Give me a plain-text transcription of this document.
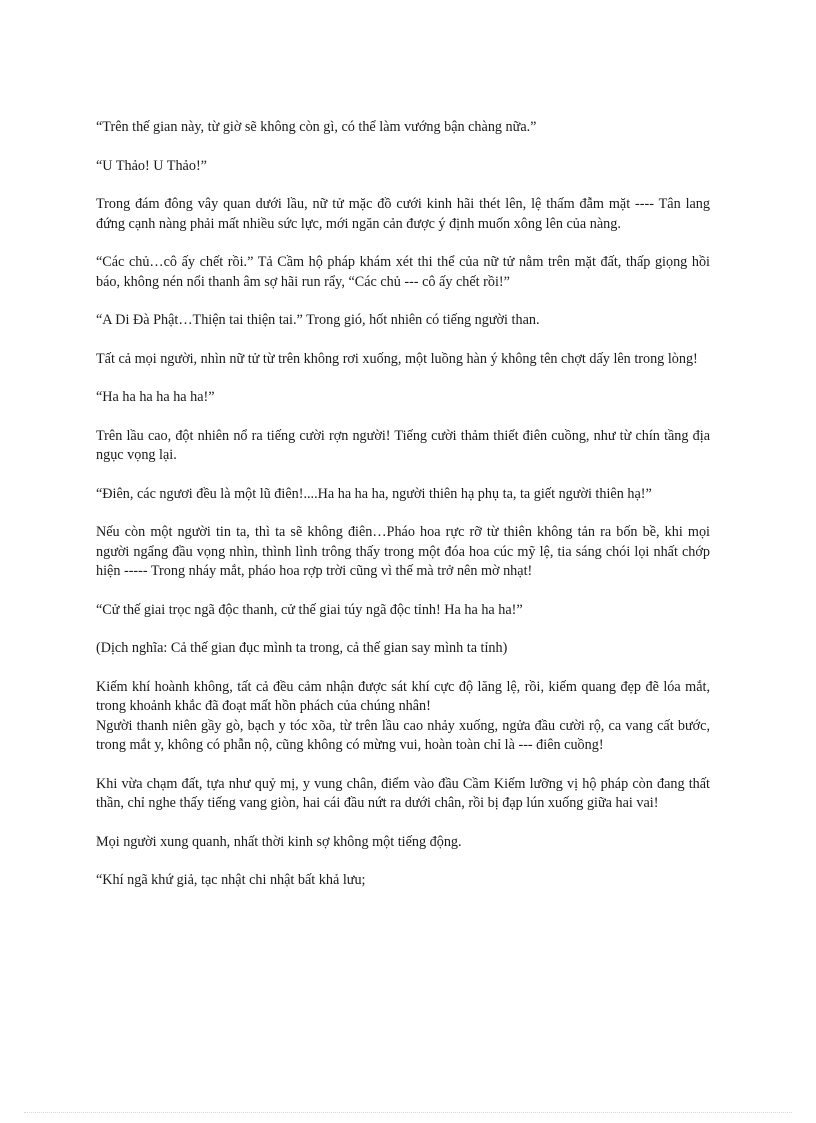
“Trên thế gian này, từ giờ sẽ không còn gì, có thể làm vướng bận chàng nữa.”

“U Thảo! U Thảo!”

Trong đám đông vây quan dưới lầu, nữ tử mặc đồ cưới kinh hãi thét lên, lệ thấm đẫm mặt ---- Tân lang đứng cạnh nàng phải mất nhiều sức lực, mới ngăn cản được ý định muốn xông lên của nàng.

“Các chủ…cô ấy chết rồi.” Tả Cầm hộ pháp khám xét thi thể của nữ tử nằm trên mặt đất, thấp giọng hồi báo, không nén nổi thanh âm sợ hãi run rẩy, “Các chủ --- cô ấy chết rồi!”

“A Di Đà Phật…Thiện tai thiện tai.” Trong gió, hốt nhiên có tiếng người than.

Tất cả mọi người, nhìn nữ tử từ trên không rơi xuống, một luồng hàn ý không tên chợt dấy lên trong lòng!

“Ha ha ha ha ha ha!”

Trên lầu cao, đột nhiên nổ ra tiếng cười rợn người! Tiếng cười thảm thiết điên cuồng, như từ chín tầng địa ngục vọng lại.

“Điên, các ngươi đều là một lũ điên!....Ha ha ha ha, người thiên hạ phụ ta, ta giết người thiên hạ!”

Nếu còn một người tin ta, thì ta sẽ không điên…Pháo hoa rực rỡ từ thiên không tản ra bốn bề, khi mọi người ngẩng đầu vọng nhìn, thình lình trông thấy trong một đóa hoa cúc mỹ lệ, tia sáng chói lọi nhất chớp hiện ----- Trong nháy mắt, pháo hoa rợp trời cũng vì thế mà trở nên mờ nhạt!

“Cử thế giai trọc ngã độc thanh, cử thế giai túy ngã độc tỉnh! Ha ha ha ha!”

(Dịch nghĩa: Cả thế gian đục mình ta trong, cả thế gian say mình ta tỉnh)

Kiếm khí hoành không, tất cả đều cảm nhận được sát khí cực độ lăng lệ, rồi, kiếm quang đẹp đẽ lóa mắt, trong khoảnh khắc đã đoạt mất hồn phách của chúng nhân!

Người thanh niên gầy gò, bạch y tóc xõa, từ trên lầu cao nhảy xuống, ngửa đầu cười rộ, ca vang cất bước, trong mắt y, không có phẫn nộ, cũng không có mừng vui, hoàn toàn chỉ là --- điên cuồng!

Khi vừa chạm đất, tựa như quỷ mị, y vung chân, điểm vào đầu Cầm Kiếm lưỡng vị hộ pháp còn đang thất thần, chỉ nghe thấy tiếng vang giòn, hai cái đầu nứt ra dưới chân, rồi bị đạp lún xuống giữa hai vai!

Mọi người xung quanh, nhất thời kinh sợ không một tiếng động.

“Khí ngã khứ giả, tạc nhật chi nhật bất khả lưu;
